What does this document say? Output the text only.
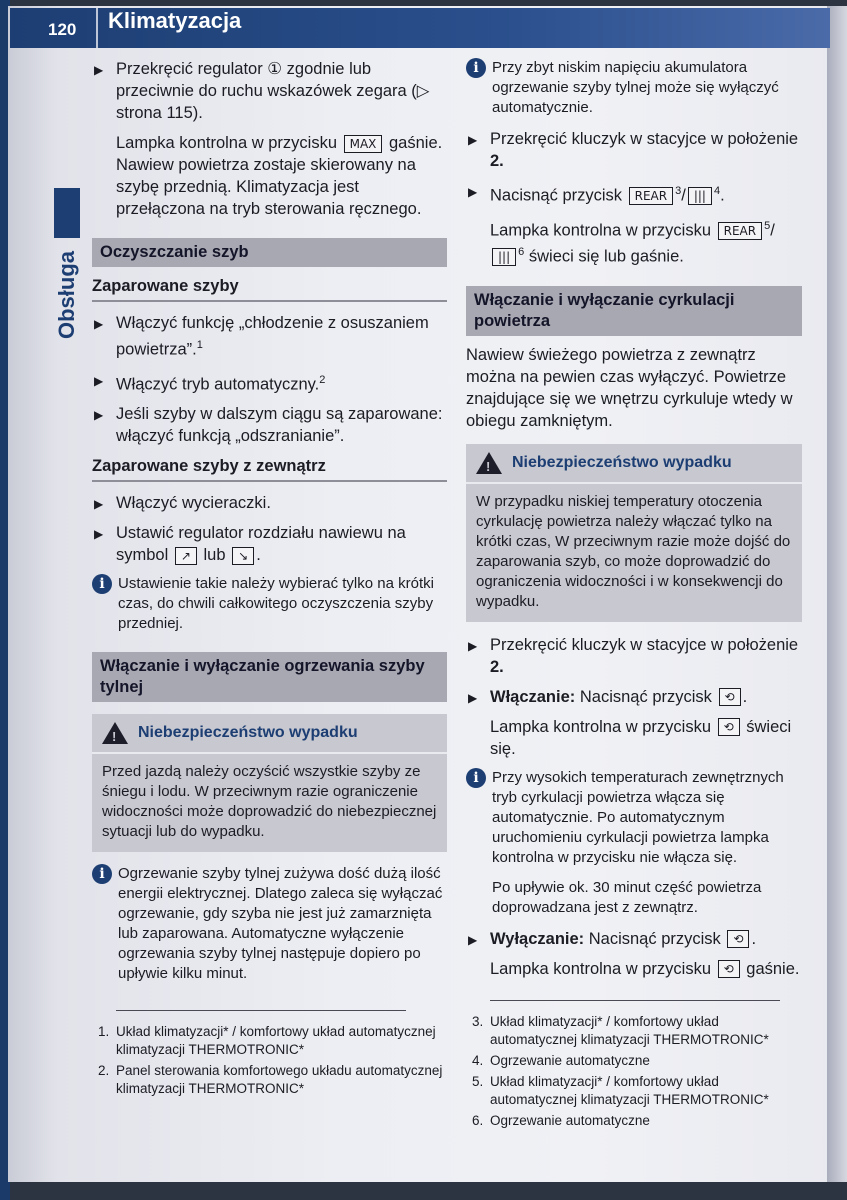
120 Klimatyzacja
Obsługa
▶ Przekręcić regulator ① zgodnie lub przeciwnie do ruchu wskazówek zegara (▷ strona 115).
Lampka kontrolna w przycisku MAX gaśnie. Nawiew powietrza zostaje skierowany na szybę przednią. Klimatyzacja jest przełączona na tryb sterowania ręcznego.
Oczyszczanie szyb
Zaparowane szyby
▶ Włączyć funkcję „chłodzenie z osuszaniem powietrza”.$^1$
▶ Włączyć tryb automatyczny.$^2$
▶ Jeśli szyby w dalszym ciągu są zaparowane: włączyć funkcją „odszranianie”.
Zaparowane szyby z zewnątrz
▶ Włączyć wycieraczki.
▶ Ustawić regulator rozdziału nawiewu na symbol ↗ lub ↘ .
i Ustawienie takie należy wybierać tylko na krótki czas, do chwili całkowitego oczyszczenia szyby przedniej.
Włączanie i wyłączanie ogrzewania szyby tylnej
!
Niebezpieczeństwo wypadku
Przed jazdą należy oczyścić wszystkie szyby ze śniegu i lodu. W przeciwnym razie ograniczenie widoczności może doprowadzić do niebezpiecznej sytuacji lub do wypadku.
i Ogrzewanie szyby tylnej zużywa dość dużą ilość energii elektrycznej. Dlatego zaleca się wyłączać ogrzewanie, gdy szyba nie jest już zamarznięta lub zaparowana. Automatyczne wyłączenie ogrzewania szyby tylnej następuje dopiero po upływie kilku minut.
1. Układ klimatyzacji* / komfortowy układ automatycznej klimatyzacji THERMOTRONIC*
2. Panel sterowania komfortowego układu automatycznej klimatyzacji THERMOTRONIC*
i Przy zbyt niskim napięciu akumulatora ogrzewanie szyby tylnej może się wyłączyć automatycznie.
▶ Przekręcić kluczyk w stacyjce w położenie 2.
▶ Nacisnąć przycisk REAR $^3$/ ||| $^4$.
Lampka kontrolna w przycisku REAR $^5$/ ||| $^6$ świeci się lub gaśnie.
Włączanie i wyłączanie cyrkulacji powietrza
Nawiew świeżego powietrza z zewnątrz można na pewien czas wyłączyć. Powietrze znajdujące się we wnętrzu cyrkuluje wtedy w obiegu zamkniętym.
!
Niebezpieczeństwo wypadku
W przypadku niskiej temperatury otoczenia cyrkulację powietrza należy włączać tylko na krótki czas, W przeciwnym razie może dojść do zaparowania szyb, co może doprowadzić do ograniczenia widoczności i w konsekwencji do wypadku.
▶ Przekręcić kluczyk w stacyjce w położenie 2.
▶ Włączanie: Nacisnąć przycisk ⟲ .
Lampka kontrolna w przycisku ⟲ świeci się.
i Przy wysokich temperaturach zewnętrznych tryb cyrkulacji powietrza włącza się automatycznie. Po automatycznym uruchomieniu cyrkulacji powietrza lampka kontrolna w przycisku nie włącza się.
Po upływie ok. 30 minut część powietrza doprowadzana jest z zewnątrz.
▶ Wyłączanie: Nacisnąć przycisk ⟲ .
Lampka kontrolna w przycisku ⟲ gaśnie.
3. Układ klimatyzacji* / komfortowy układ automatycznej klimatyzacji THERMOTRONIC*
4. Ogrzewanie automatyczne
5. Układ klimatyzacji* / komfortowy układ automatycznej klimatyzacji THERMOTRONIC*
6. Ogrzewanie automatyczne
